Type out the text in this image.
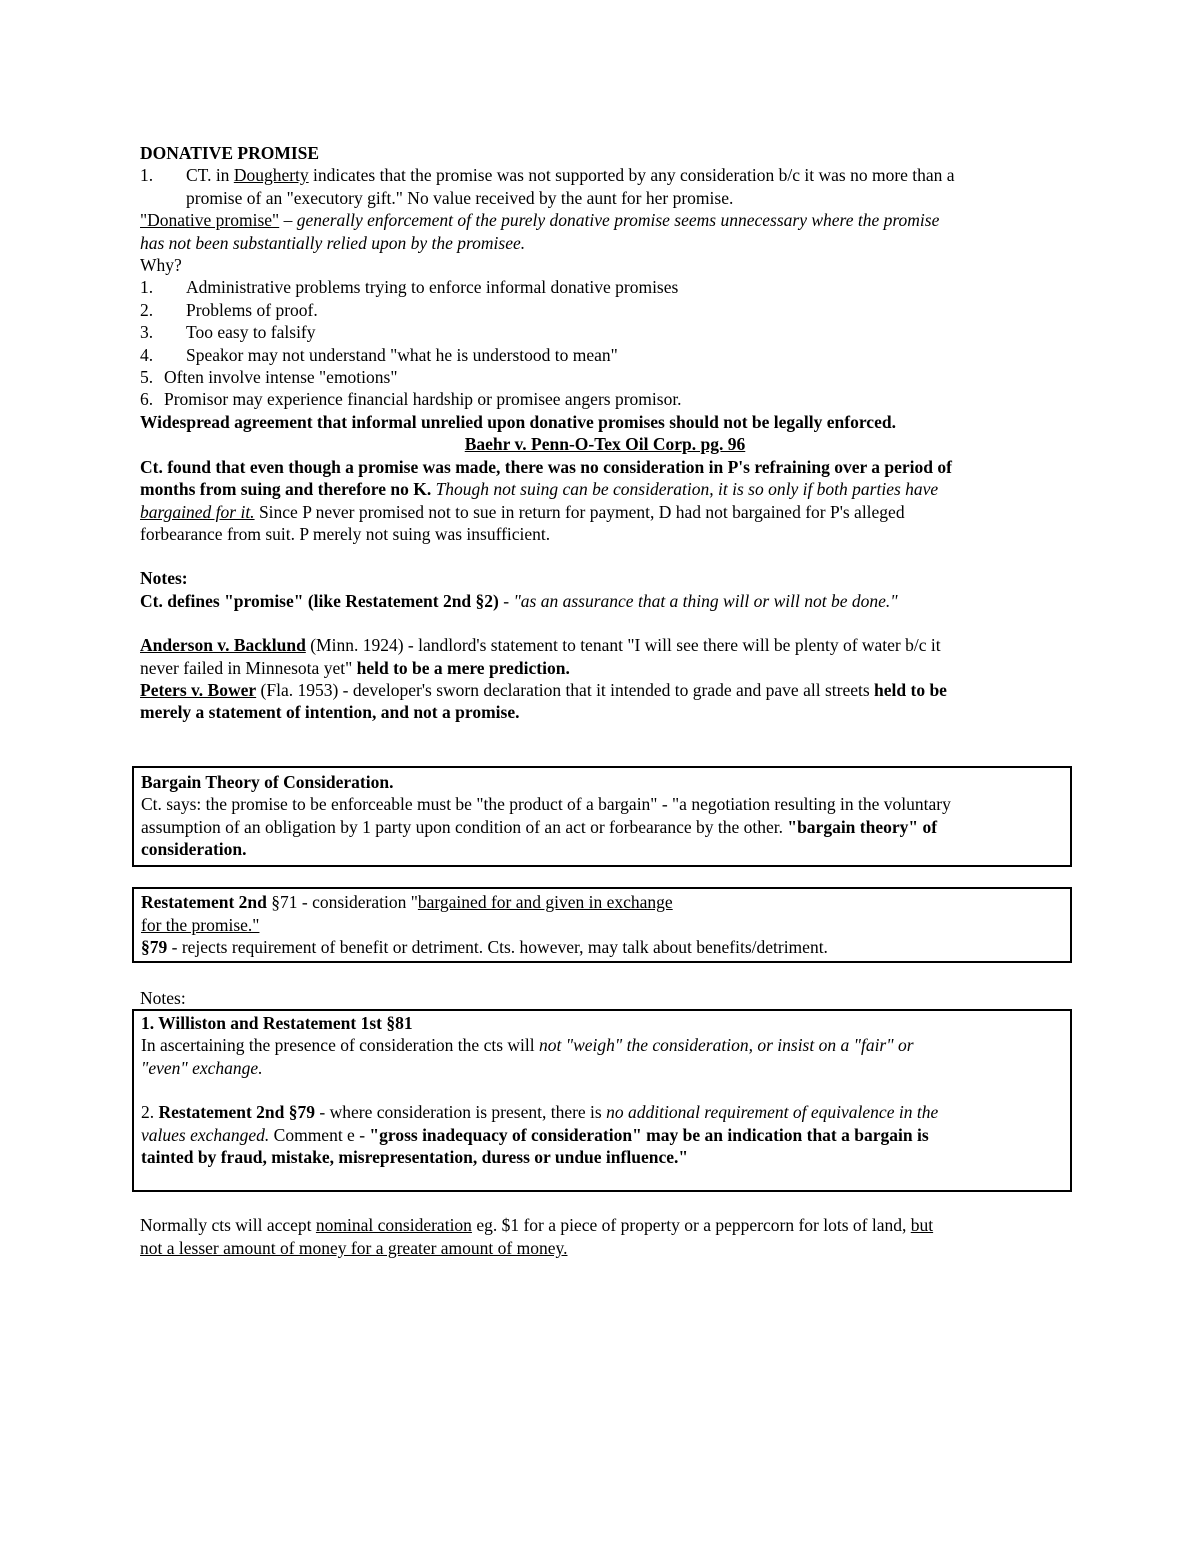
DONATIVE PROMISE
1. CT. in Dougherty indicates that the promise was not supported by any consideration b/c it was no more than a
promise of an "executory gift." No value received by the aunt for her promise.
"Donative promise" – generally enforcement of the purely donative promise seems unnecessary where the promise
has not been substantially relied upon by the promisee.
Why?
1. Administrative problems trying to enforce informal donative promises
2. Problems of proof.
3. Too easy to falsify
4. Speakor may not understand "what he is understood to mean"
5. Often involve intense "emotions"
6. Promisor may experience financial hardship or promisee angers promisor.
Widespread agreement that informal unrelied upon donative promises should not be legally enforced.
Baehr v. Penn-O-Tex Oil Corp. pg. 96
Ct. found that even though a promise was made, there was no consideration in P's refraining over a period of
months from suing and therefore no K. Though not suing can be consideration, it is so only if both parties have
bargained for it. Since P never promised not to sue in return for payment, D had not bargained for P's alleged
forbearance from suit. P merely not suing was insufficient.
Notes:
Ct. defines "promise" (like Restatement 2nd §2) - "as an assurance that a thing will or will not be done."
Anderson v. Backlund (Minn. 1924) - landlord's statement to tenant "I will see there will be plenty of water b/c it
never failed in Minnesota yet" held to be a mere prediction.
Peters v. Bower (Fla. 1953) - developer's sworn declaration that it intended to grade and pave all streets held to be
merely a statement of intention, and not a promise.
Bargain Theory of Consideration.
Ct. says: the promise to be enforceable must be "the product of a bargain" - "a negotiation resulting in the voluntary
assumption of an obligation by 1 party upon condition of an act or forbearance by the other. "bargain theory" of
consideration.
Restatement 2nd §71 - consideration "bargained for and given in exchange
for the promise."
§79 - rejects requirement of benefit or detriment. Cts. however, may talk about benefits/detriment.
Notes:
1. Williston and Restatement 1st §81
In ascertaining the presence of consideration the cts will not "weigh" the consideration, or insist on a "fair" or
"even" exchange.
2. Restatement 2nd §79 - where consideration is present, there is no additional requirement of equivalence in the
values exchanged. Comment e - "gross inadequacy of consideration" may be an indication that a bargain is
tainted by fraud, mistake, misrepresentation, duress or undue influence."
Normally cts will accept nominal consideration eg. $1 for a piece of property or a peppercorn for lots of land, but
not a lesser amount of money for a greater amount of money.
